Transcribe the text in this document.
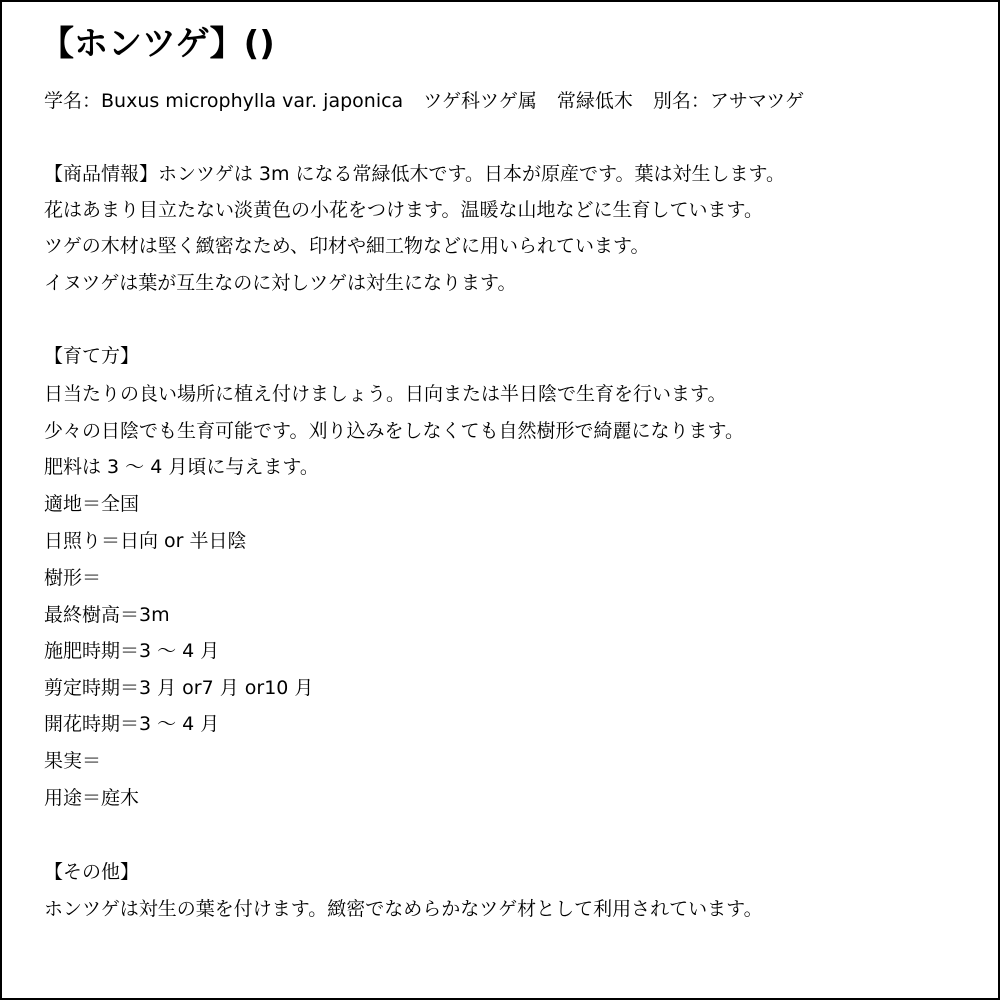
【ホンツゲ】()
学名：Buxus microphylla var. japonica ツゲ科ツゲ属 常緑低木 別名：アサマツゲ
【商品情報】ホンツゲは 3m になる常緑低木です。日本が原産です。葉は対生します。
花はあまり目立たない淡黄色の小花をつけます。温暖な山地などに生育しています。
ツゲの木材は堅く緻密なため、印材や細工物などに用いられています。
イヌツゲは葉が互生なのに対しツゲは対生になります。
【育て方】
日当たりの良い場所に植え付けましょう。日向または半日陰で生育を行います。
少々の日陰でも生育可能です。刈り込みをしなくても自然樹形で綺麗になります。
肥料は 3 ～ 4 月頃に与えます。
適地＝全国
日照り＝日向 or 半日陰
樹形＝
最終樹高＝3m
施肥時期＝3 ～ 4 月
剪定時期＝3 月 or7 月 or10 月
開花時期＝3 ～ 4 月
果実＝
用途＝庭木
【その他】
ホンツゲは対生の葉を付けます。緻密でなめらかなツゲ材として利用されています。
